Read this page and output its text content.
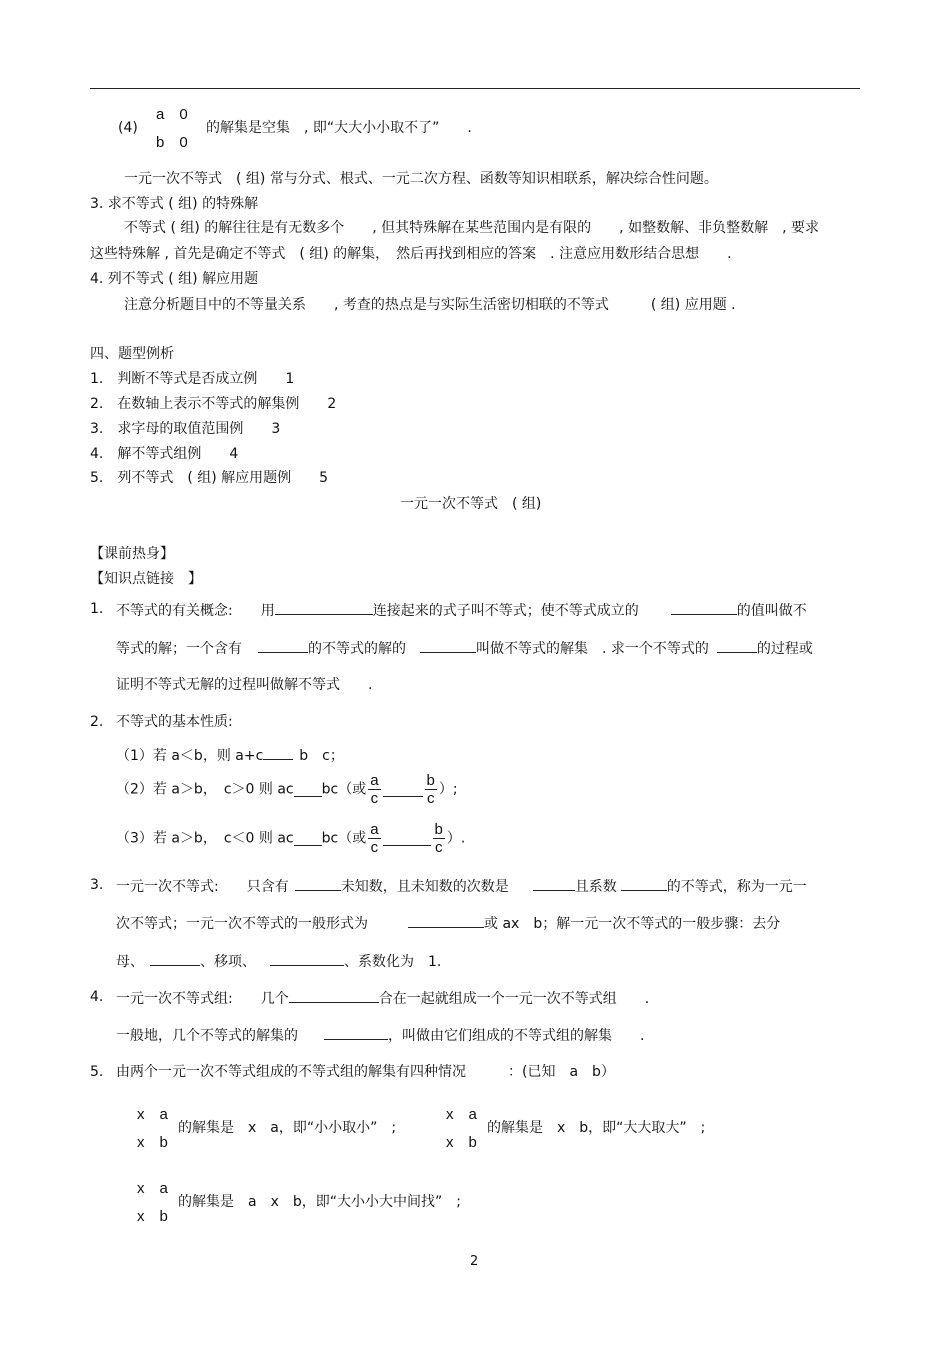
(4)
a　0
b　0
的解集是空集　, 即“大大小小取不了”　　.
一元一次不等式　( 组) 常与分式、根式、一元二次方程、函数等知识相联系，解决综合性问题。
3. 求不等式 ( 组) 的特殊解
不等式 ( 组) 的解往往是有无数多个　　, 但其特殊解在某些范围内是有限的　　, 如整数解、非负整数解　, 要求
这些特殊解 , 首先是确定不等式　( 组) 的解集，　然后再找到相应的答案　. 注意应用数形结合思想　　.
4. 列不等式 ( 组) 解应用题
注意分析题目中的不等量关系　　, 考查的热点是与实际生活密切相联的不等式　　　( 组) 应用题 .
四、题型例析
1.　判断不等式是否成立例　　1
2.　在数轴上表示不等式的解集例　　2
3.　求字母的取值范围例　　3
4.　解不等式组例　　4
5.　列不等式　( 组) 解应用题例　　5
一元一次不等式　( 组)
【课前热身】
【知识点链接　】
1. 不等式的有关概念:　　用	连接起来的式子叫不等式；使不等式成立的	的值叫做不
等式的解；一个含有	的不等式的解的	叫做不等式的解集　. 求一个不等式的	的过程或
证明不等式无解的过程叫做解不等式　　.
2. 不等式的基本性质:
（1）若 a＜b，则 a+c	b　c；
（2）若 a＞b，　c＞0 则 ac bc（或 $\frac{a}{c}$	$\frac{b}{c}$ ）;
（3）若 a＞b，　c＜0 则 ac bc（或 $\frac{a}{c}$	$\frac{b}{c}$ ）.
3. 一元一次不等式:　　只含有	未知数，且未知数的次数是	且系数	的不等式，称为一元一
次不等式；一元一次不等式的一般形式为	或 ax　b；解一元一次不等式的一般步骤：去分
母、	、移项、	、系数化为　1.
4. 一元一次不等式组:　　几个	合在一起就组成一个一元一次不等式组　　.
一般地，几个不等式的解集的	，叫做由它们组成的不等式组的解集　　.
5. 由两个一元一次不等式组成的不等式组的解集有四种情况　　　：(已知　a　b）
x　a
x　b
的解集是　x　a，即“小小取小”　;
x　a
x　b
的解集是　x　b，即“大大取大”　;
x　a
x　b
的解集是　a　x　b，即“大小小大中间找”　;
2
